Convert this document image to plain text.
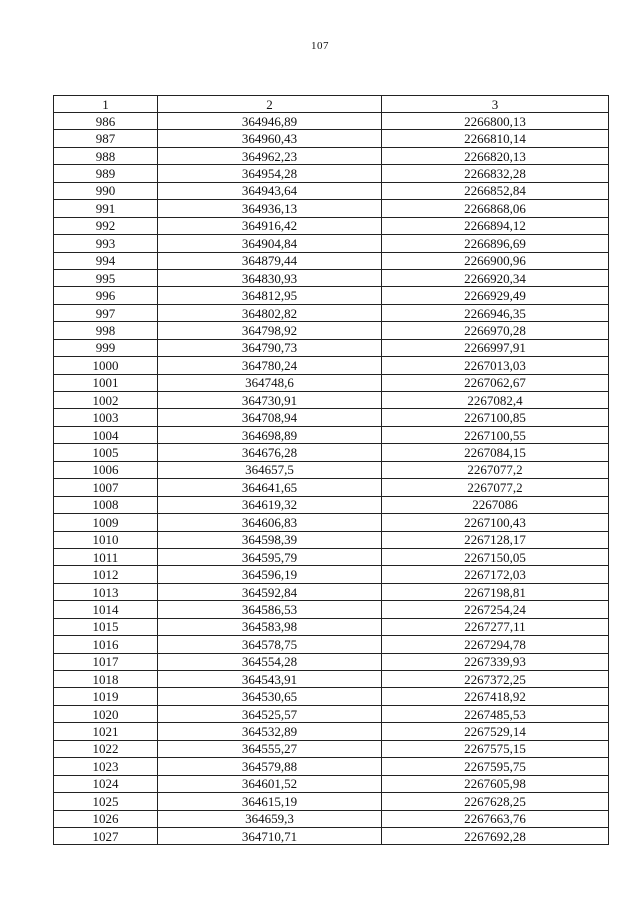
107
1	2	3
986	364946,89	2266800,13
987	364960,43	2266810,14
988	364962,23	2266820,13
989	364954,28	2266832,28
990	364943,64	2266852,84
991	364936,13	2266868,06
992	364916,42	2266894,12
993	364904,84	2266896,69
994	364879,44	2266900,96
995	364830,93	2266920,34
996	364812,95	2266929,49
997	364802,82	2266946,35
998	364798,92	2266970,28
999	364790,73	2266997,91
1000	364780,24	2267013,03
1001	364748,6	2267062,67
1002	364730,91	2267082,4
1003	364708,94	2267100,85
1004	364698,89	2267100,55
1005	364676,28	2267084,15
1006	364657,5	2267077,2
1007	364641,65	2267077,2
1008	364619,32	2267086
1009	364606,83	2267100,43
1010	364598,39	2267128,17
1011	364595,79	2267150,05
1012	364596,19	2267172,03
1013	364592,84	2267198,81
1014	364586,53	2267254,24
1015	364583,98	2267277,11
1016	364578,75	2267294,78
1017	364554,28	2267339,93
1018	364543,91	2267372,25
1019	364530,65	2267418,92
1020	364525,57	2267485,53
1021	364532,89	2267529,14
1022	364555,27	2267575,15
1023	364579,88	2267595,75
1024	364601,52	2267605,98
1025	364615,19	2267628,25
1026	364659,3	2267663,76
1027	364710,71	2267692,28
